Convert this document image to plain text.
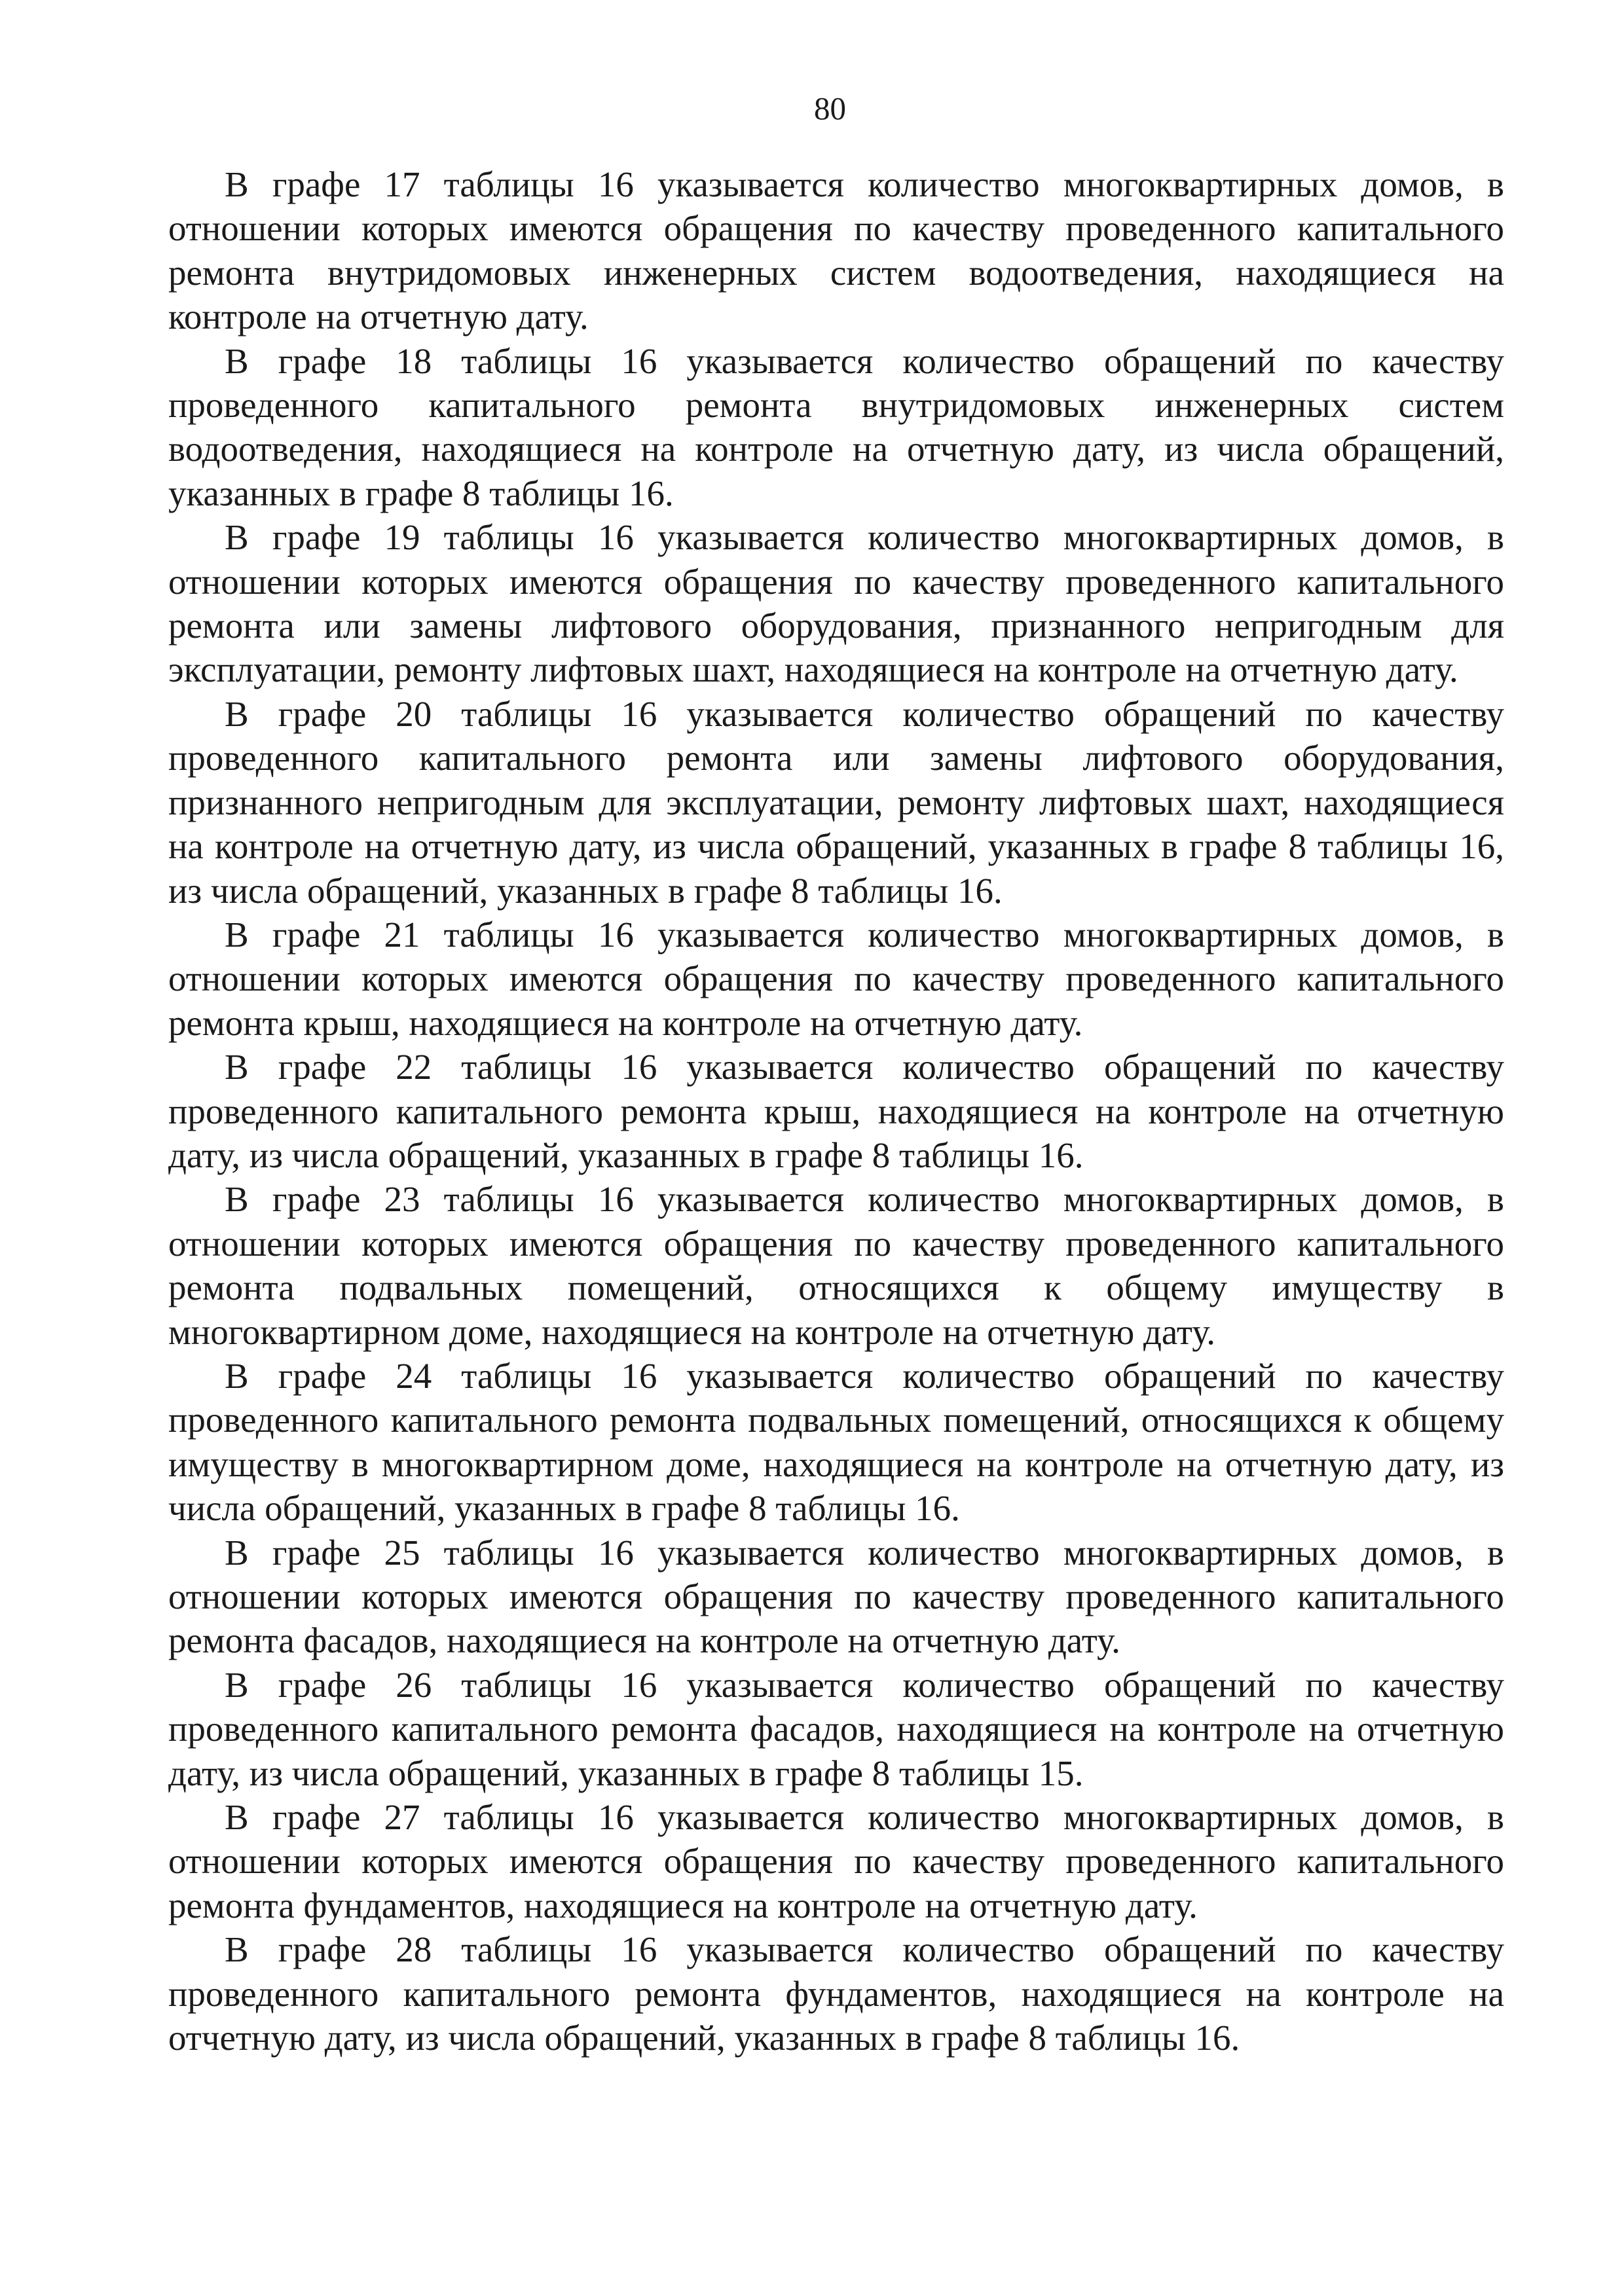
80

В графе 17 таблицы 16 указывается количество многоквартирных домов, в отношении которых имеются обращения по качеству проведенного капитального ремонта внутридомовых инженерных систем водоотведения, находящиеся на контроле на отчетную дату.

В графе 18 таблицы 16 указывается количество обращений по качеству проведенного капитального ремонта внутридомовых инженерных систем водоотведения, находящиеся на контроле на отчетную дату, из числа обращений, указанных в графе 8 таблицы 16.

В графе 19 таблицы 16 указывается количество многоквартирных домов, в отношении которых имеются обращения по качеству проведенного капитального ремонта или замены лифтового оборудования, признанного непригодным для эксплуатации, ремонту лифтовых шахт, находящиеся на контроле на отчетную дату.

В графе 20 таблицы 16 указывается количество обращений по качеству проведенного капитального ремонта или замены лифтового оборудования, признанного непригодным для эксплуатации, ремонту лифтовых шахт, находящиеся на контроле на отчетную дату, из числа обращений, указанных в графе 8 таблицы 16, из числа обращений, указанных в графе 8 таблицы 16.

В графе 21 таблицы 16 указывается количество многоквартирных домов, в отношении которых имеются обращения по качеству проведенного капитального ремонта крыш, находящиеся на контроле на отчетную дату.

В графе 22 таблицы 16 указывается количество обращений по качеству проведенного капитального ремонта крыш, находящиеся на контроле на отчетную дату, из числа обращений, указанных в графе 8 таблицы 16.

В графе 23 таблицы 16 указывается количество многоквартирных домов, в отношении которых имеются обращения по качеству проведенного капитального ремонта подвальных помещений, относящихся к общему имуществу в многоквартирном доме, находящиеся на контроле на отчетную дату.

В графе 24 таблицы 16 указывается количество обращений по качеству проведенного капитального ремонта подвальных помещений, относящихся к общему имуществу в многоквартирном доме, находящиеся на контроле на отчетную дату, из числа обращений, указанных в графе 8 таблицы 16.

В графе 25 таблицы 16 указывается количество многоквартирных домов, в отношении которых имеются обращения по качеству проведенного капитального ремонта фасадов, находящиеся на контроле на отчетную дату.

В графе 26 таблицы 16 указывается количество обращений по качеству проведенного капитального ремонта фасадов, находящиеся на контроле на отчетную дату, из числа обращений, указанных в графе 8 таблицы 15.

В графе 27 таблицы 16 указывается количество многоквартирных домов, в отношении которых имеются обращения по качеству проведенного капитального ремонта фундаментов, находящиеся на контроле на отчетную дату.

В графе 28 таблицы 16 указывается количество обращений по качеству проведенного капитального ремонта фундаментов, находящиеся на контроле на отчетную дату, из числа обращений, указанных в графе 8 таблицы 16.
